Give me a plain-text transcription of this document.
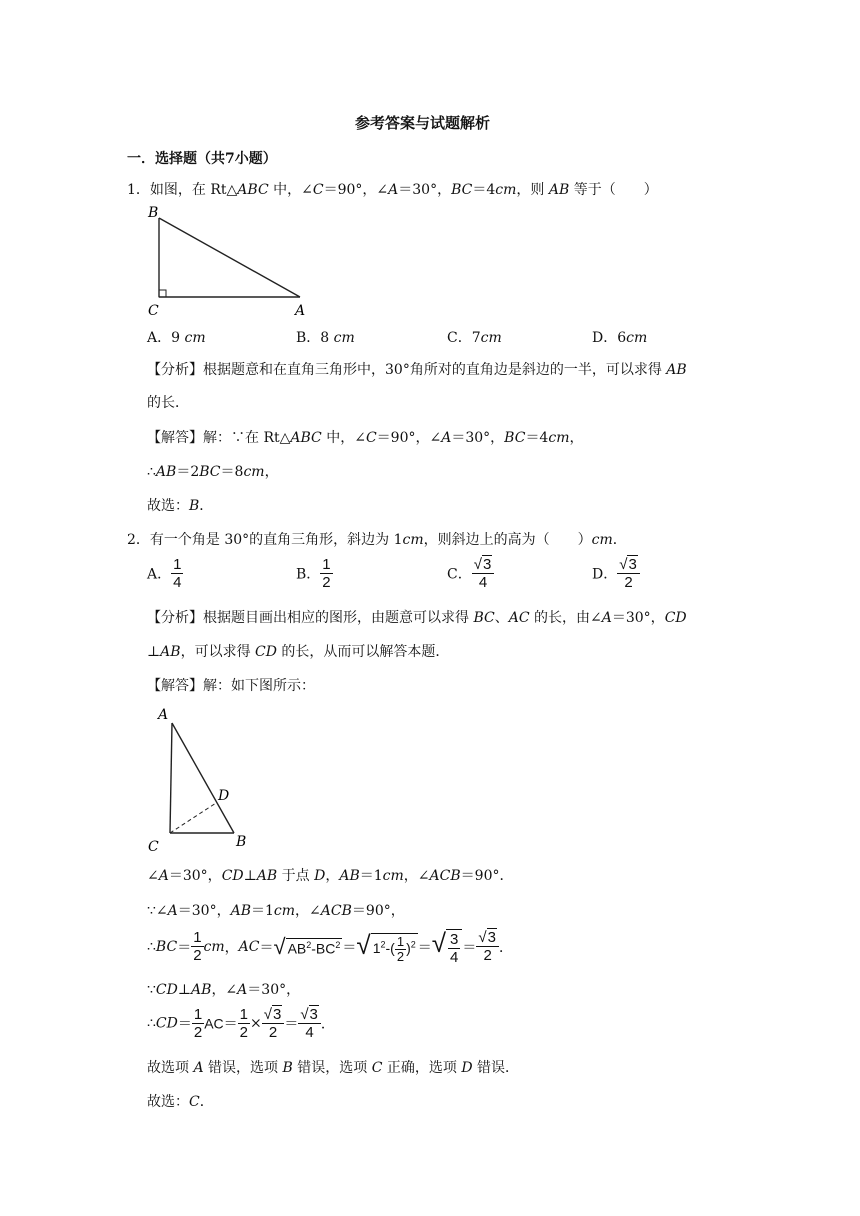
参考答案与试题解析
一．选择题（共7小题）
1．如图，在 Rt△ABC 中，∠C＝90°，∠A＝30°，BC＝4cm，则 AB 等于（　　）
B
C	A
A．9 cm	B．8 cm	C．7cm	D．6cm
【分析】根据题意和在直角三角形中，30°角所对的直角边是斜边的一半，可以求得 AB
的长．
【解答】解：∵在 Rt△ABC 中，∠C＝90°，∠A＝30°，BC＝4cm，
∴AB＝2BC＝8cm，
故选：B．
2．有一个角是 30°的直角三角形，斜边为 1cm，则斜边上的高为（　　）cm．
A． $\frac{1}{4}$	B． $\frac{1}{2}$	C． $\frac{√3}{4}$	D． $\frac{√3}{2}$
【分析】根据题目画出相应的图形，由题意可以求得 BC、AC 的长，由∠A＝30°，CD
⊥AB，可以求得 CD 的长，从而可以解答本题．
【解答】解：如下图所示：
A
D
C	B
∠A＝30°，CD⊥AB 于点 D，AB＝1cm，∠ACB＝90°．
∵∠A＝30°，AB＝1cm，∠ACB＝90°，
∴BC＝ $\frac{1}{2}$ cm，AC＝√ $AB^2-BC^2$ ＝√ $1^2-( \frac{1}{2} )^2$ ＝√ $\frac{3}{4} = \frac{√3}{2}$ ．
∵CD⊥AB，∠A＝30°，
∴CD＝ $\frac{1}{2} AC= \frac{1}{2} \times \frac{√3}{2} = \frac{√3}{4}$ ．
故选项 A 错误，选项 B 错误，选项 C 正确，选项 D 错误．
故选：C．
